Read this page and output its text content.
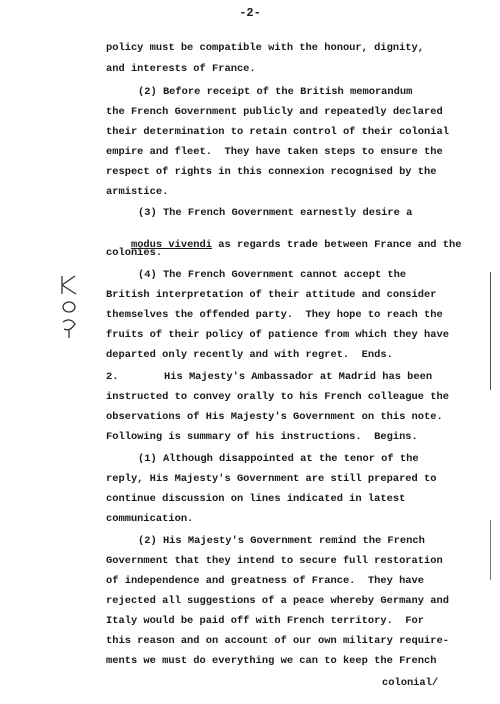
-2-
policy must be compatible with the honour, dignity,
and interests of France.
(2) Before receipt of the British memorandum
the French Government publicly and repeatedly declared
their determination to retain control of their colonial
empire and fleet.  They have taken steps to ensure the
respect of rights in this connexion recognised by the
armistice.
(3) The French Government earnestly desire a

modus vivendi as regards trade between France and the

colonies.
(4) The French Government cannot accept the
British interpretation of their attitude and consider
themselves the offended party.  They hope to reach the
fruits of their policy of patience from which they have
departed only recently and with regret.  Ends.
2.	His Majesty's Ambassador at Madrid has been
instructed to convey orally to his French colleague the
observations of His Majesty's Government on this note.
Following is summary of his instructions.  Begins.
(1) Although disappointed at the tenor of the
reply, His Majesty's Government are still prepared to
continue discussion on lines indicated in latest
communication.
(2) His Majesty's Government remind the French
Government that they intend to secure full restoration
of independence and greatness of France.  They have
rejected all suggestions of a peace whereby Germany and
Italy would be paid off with French territory.  For
this reason and on account of our own military require-
ments we must do everything we can to keep the French
colonial/
